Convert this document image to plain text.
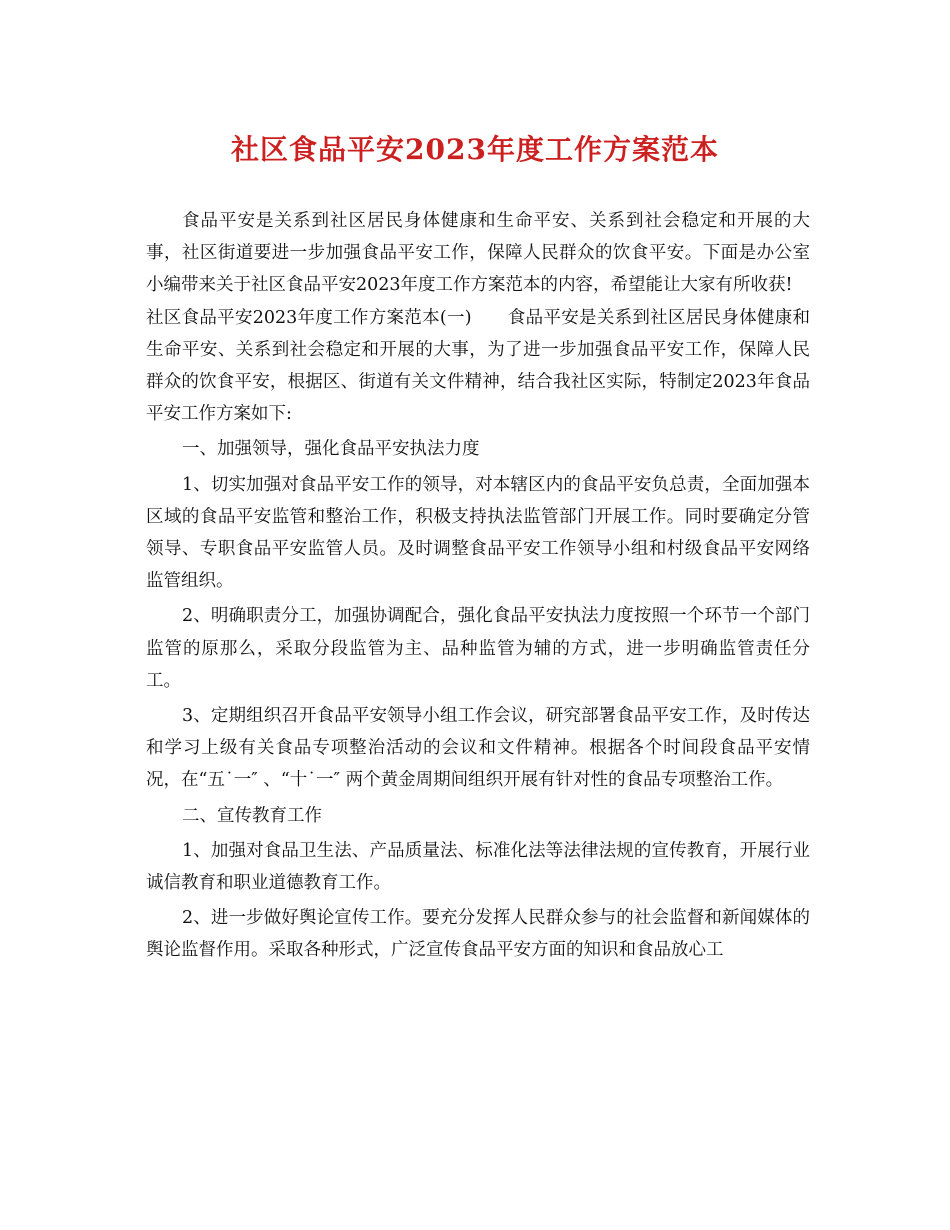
社区食品平安2023年度工作方案范本

食品平安是关系到社区居民身体健康和生命平安、关系到社会稳定和开展的大事，社区街道要进一步加强食品平安工作，保障人民群众的饮食平安。下面是办公室小编带来关于社区食品平安2023年度工作方案范本的内容，希望能让大家有所收获!

社区食品平安2023年度工作方案范本(一) 食品平安是关系到社区居民身体健康和生命平安、关系到社会稳定和开展的大事，为了进一步加强食品平安工作，保障人民群众的饮食平安，根据区、街道有关文件精神，结合我社区实际，特制定2023年食品平安工作方案如下:

一、加强领导，强化食品平安执法力度

1、切实加强对食品平安工作的领导，对本辖区内的食品平安负总责，全面加强本区域的食品平安监管和整治工作，积极支持执法监管部门开展工作。同时要确定分管领导、专职食品平安监管人员。及时调整食品平安工作领导小组和村级食品平安网络监管组织。

2、明确职责分工，加强协调配合，强化食品平安执法力度按照一个环节一个部门监管的原那么，采取分段监管为主、品种监管为辅的方式，进一步明确监管责任分工。

3、定期组织召开食品平安领导小组工作会议，研究部署食品平安工作，及时传达和学习上级有关食品专项整治活动的会议和文件精神。根据各个时间段食品平安情况，在“五˙一″ 、“十˙一″ 两个黄金周期间组织开展有针对性的食品专项整治工作。

二、宣传教育工作

1、加强对食品卫生法、产品质量法、标准化法等法律法规的宣传教育，开展行业诚信教育和职业道德教育工作。

2、进一步做好舆论宣传工作。要充分发挥人民群众参与的社会监督和新闻媒体的舆论监督作用。采取各种形式，广泛宣传食品平安方面的知识和食品放心工
